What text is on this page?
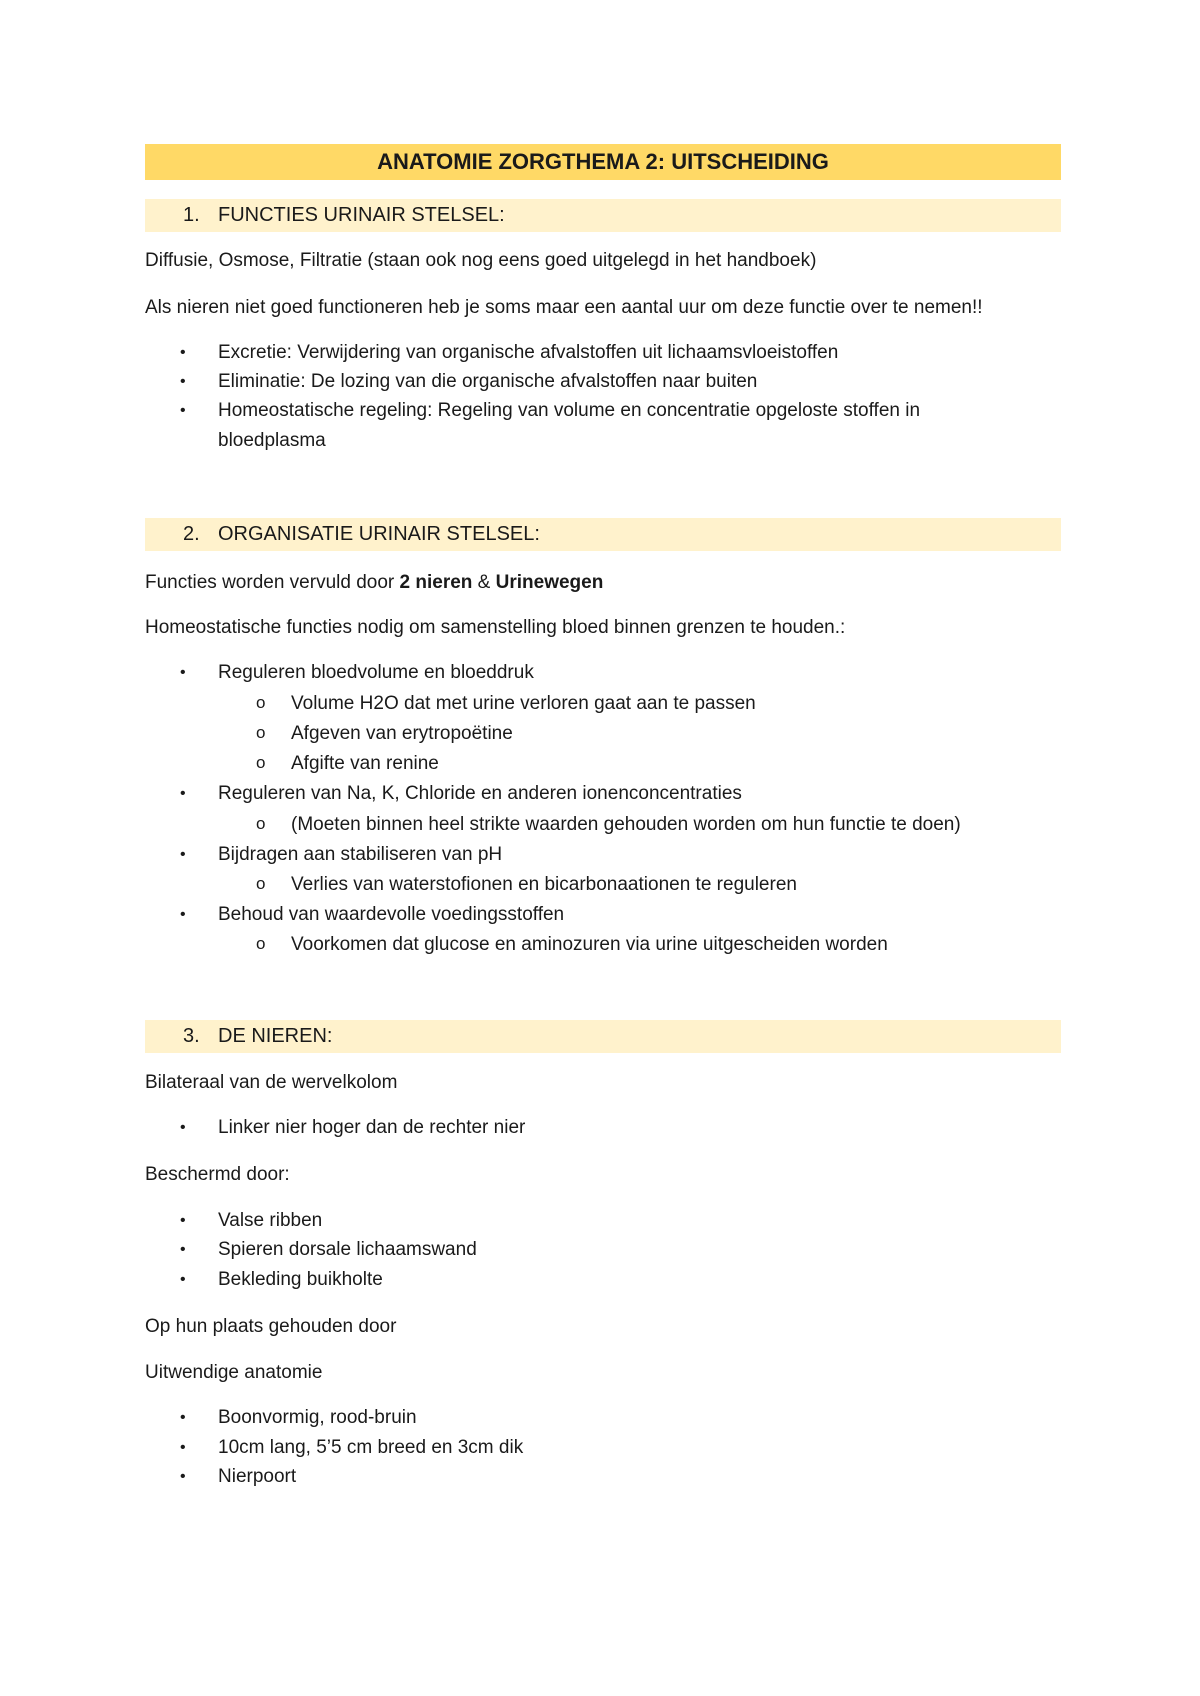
ANATOMIE ZORGTHEMA 2: UITSCHEIDING
1. FUNCTIES URINAIR STELSEL:
Diffusie, Osmose, Filtratie (staan ook nog eens goed uitgelegd in het handboek)
Als nieren niet goed functioneren heb je soms maar een aantal uur om deze functie over te nemen!!
• Excretie: Verwijdering van organische afvalstoffen uit lichaamsvloeistoffen
• Eliminatie: De lozing van die organische afvalstoffen naar buiten
• Homeostatische regeling: Regeling van volume en concentratie opgeloste stoffen in
bloedplasma
2. ORGANISATIE URINAIR STELSEL:
Functies worden vervuld door 2 nieren & Urinewegen
Homeostatische functies nodig om samenstelling bloed binnen grenzen te houden.:
• Reguleren bloedvolume en bloeddruk
o Volume H2O dat met urine verloren gaat aan te passen
o Afgeven van erytropoëtine
o Afgifte van renine
• Reguleren van Na, K, Chloride en anderen ionenconcentraties
o (Moeten binnen heel strikte waarden gehouden worden om hun functie te doen)
• Bijdragen aan stabiliseren van pH
o Verlies van waterstofionen en bicarbonaationen te reguleren
• Behoud van waardevolle voedingsstoffen
o Voorkomen dat glucose en aminozuren via urine uitgescheiden worden
3. DE NIEREN:
Bilateraal van de wervelkolom
• Linker nier hoger dan de rechter nier
Beschermd door:
• Valse ribben
• Spieren dorsale lichaamswand
• Bekleding buikholte
Op hun plaats gehouden door
Uitwendige anatomie
• Boonvormig, rood-bruin
• 10cm lang, 5’5 cm breed en 3cm dik
• Nierpoort
